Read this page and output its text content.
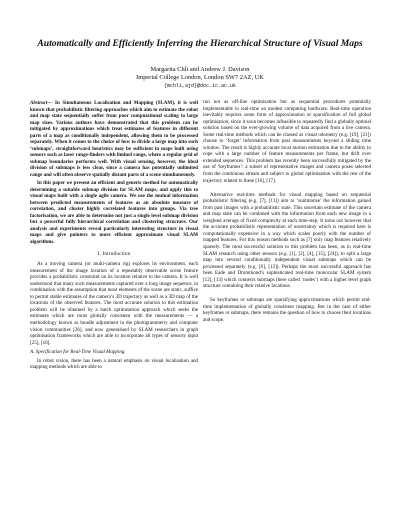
Automatically and Efficiently Inferring the Hierarchical Structure of Visual Maps
Margarita Chli and Andrew J. Davison
Imperial College London, London SW7 2AZ, UK
{mchli,ajd}@doc.ic.ac.uk

Abstract— In Simultaneous Localisation and Mapping (SLAM), it is well known that probabilistic filtering approaches which aim to estimate the robot and map state sequentially suffer from poor computational scaling to large map sizes. Various authors have demonstrated that this problem can be mitigated by approximations which treat estimates of features in different parts of a map as conditionally independent, allowing them to be processed separately. When it comes to the choice of how to divide a large map into such ‘submaps’, straightforward heuristics may be sufficient in maps built using sensors such as laser range-finders with limited range, where a regular grid of submap boundaries performs well. With visual sensing, however, the ideal division of submaps is less clear, since a camera has potentially unlimited range and will often observe spatially distant parts of a scene simultaneously.

In this paper we present an efficient and generic method for automatically determining a suitable submap division for SLAM maps, and apply this to visual maps built with a single agile camera. We use the mutual information between predicted measurements of features as an absolute measure of correlation, and cluster highly correlated features into groups. Via tree factorisation, we are able to determine not just a single level submap division but a powerful fully hierarchical correlation and clustering structure. Our analysis and experiments reveal particularly interesting structure in visual maps and give pointers to more efficient approximate visual SLAM algorithms.

I. Introduction

As a moving camera (or multi-camera rig) explores its environment, each measurement of the image location of a repeatably observable scene feature provides a probabilistic constraint on its location relative to the camera. It is well understood that many such measurements captured over a long image sequence, in combination with the assumption that most elements of the scene are static, suffice to permit stable estimates of the camera’s 3D trajectory as well as a 3D map of the locations of the observed features. The most accurate solution to this estimation problem will be obtained by a batch optimisation approach which seeks the estimates which are most globally consistent with the measurements — a methodology known as bundle adjustment in the photogrammetry and computer vision communities [26], and now generalised by SLAM researchers in graph optimisation frameworks which are able to incorporate all types of sensory input [25], [10].

A. Specification for Real-Time Visual Mapping.

In robot vision, there has been a natural emphasis on visual localisation and mapping methods which are able to

run not as off-line optimisation but as sequential procedures potentially implementable in real-time on modest computing hardware. Real-time operation inevitably requires some form of approximation or sparsification of full global optimisation, since it soon becomes infeasible to repeatedly find a globally optimal solution based on the ever-growing volume of data acquired from a live camera. Some real-time methods which can be classed as visual odometry (e.g. [19], [21]) choose to ‘forget’ information from past measurements beyond a sliding time window. The result is highly accurate local motion estimation due to the ability to cope with a large number of feature measurements per frame, but drift over extended sequences. This problem has recently been successfully mitigated by the use of ‘keyframes’: a subset of representative images and camera poses selected from the continuous stream and subject to global optimisation with the rest of the trajectory related to these [16], [17].

Alternative real-time methods for visual mapping based on sequential probabilistic filtering (e.g. [7], [11]) aim to ‘summarise’ the information gained from past images with a probabilistic state. This uncertain estimate of the camera and map state can be combined with the information from each new image in a weighted average of fixed complexity at each time-step. It turns out however that the accurate probabilistic representation of uncertainty which is required here is computationally expensive in a way which scales poorly with the number of mapped features. For this reason methods such as [7] only map features relatively sparsely. The most successful solution to this problem has been, as in real-time SLAM research using other sensors (e.g. [1], [2], [4], [15], [24]), to split a large map into several conditionally independent visual submaps which can be processed separately (e.g. [6], [12]). Perhaps the most successful approach has been Eade and Drummond’s sophisticated real-time monocular SLAM system [12], [13] which connects submaps (here called ‘nodes’) with a higher level graph structure containing their relative locations.

So keyframes or submaps are sparsifying approximations which permit real-time implementation of globally consistent mapping. But in the case of either keyframes or submaps, there remains the question of how to choose their locations and scope.
